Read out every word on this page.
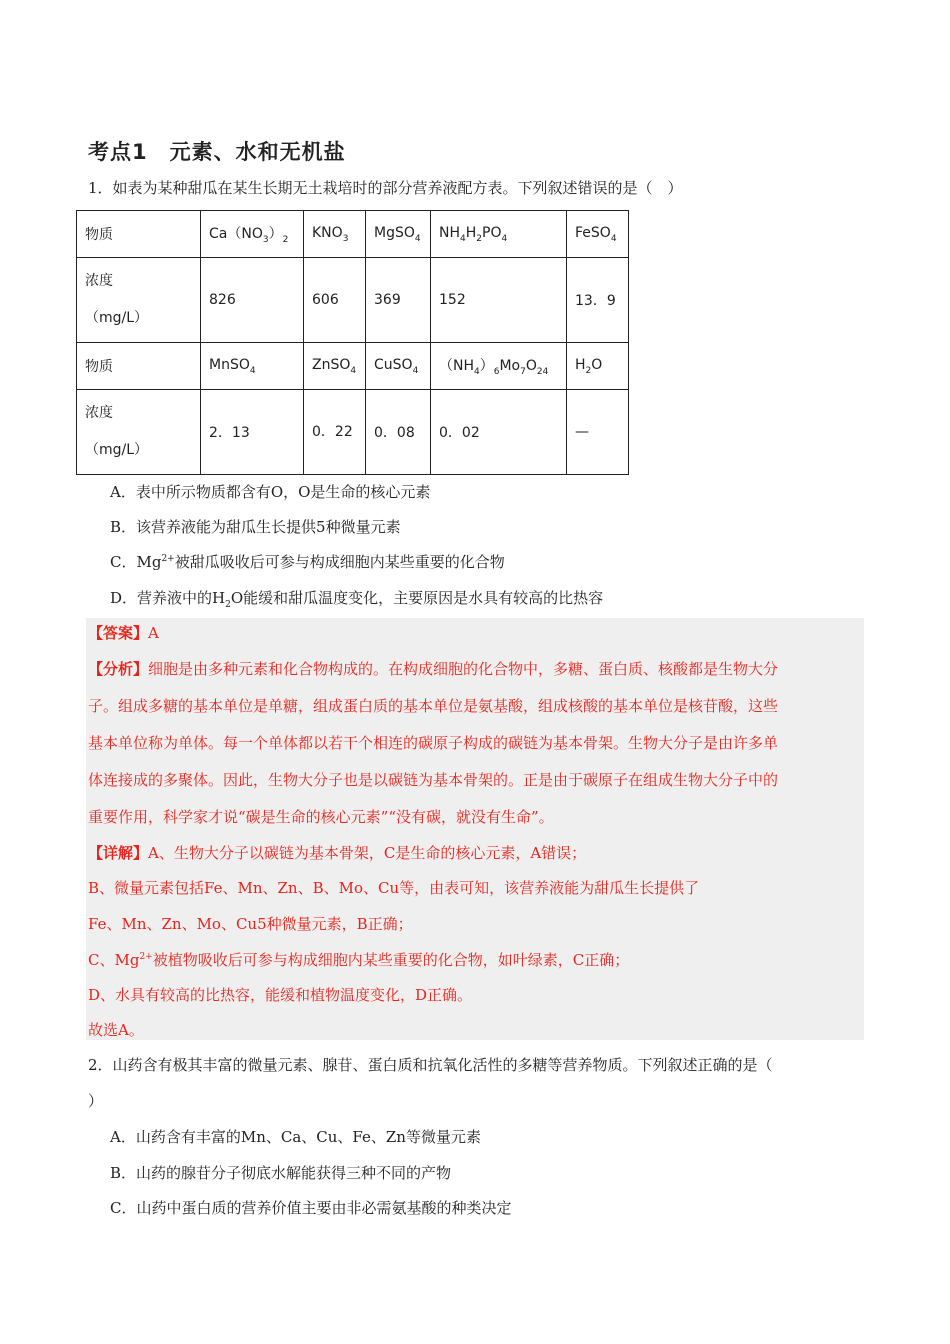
考点1　元素、水和无机盐
1．如表为某种甜瓜在某生长期无土栽培时的部分营养液配方表。下列叙述错误的是（　）
物质	$Ca(NO_3)_2$	$KNO_3$	MgSO$_4$	$NH_4H_2PO_4$	FeSO$_4$
浓度
（mg/L）	826	606	369	152	13．9
物质	MnSO$_4$	ZnSO$_4$	CuSO$_4$	$(NH_4)_6Mo_7O_{24}$	$H_2O$
浓度
（mg/L）	2．13	0．22	0．08	0．02	—
A．表中所示物质都含有O，O是生命的核心元素
B．该营养液能为甜瓜生长提供5种微量元素
C．$Mg^{2+}$被甜瓜吸收后可参与构成细胞内某些重要的化合物
D．营养液中的$H_2O$能缓和甜瓜温度变化，主要原因是水具有较高的比热容
【答案】A
【分析】细胞是由多种元素和化合物构成的。在构成细胞的化合物中，多糖、蛋白质、核酸都是生物大分
子。组成多糖的基本单位是单糖，组成蛋白质的基本单位是氨基酸，组成核酸的基本单位是核苷酸，这些
基本单位称为单体。每一个单体都以若干个相连的碳原子构成的碳链为基本骨架。生物大分子是由许多单
体连接成的多聚体。因此，生物大分子也是以碳链为基本骨架的。正是由于碳原子在组成生物大分子中的
重要作用，科学家才说“碳是生命的核心元素”“没有碳，就没有生命”。
【详解】A、生物大分子以碳链为基本骨架，C是生命的核心元素，A错误；
B、微量元素包括Fe、Mn、Zn、B、Mo、Cu等，由表可知，该营养液能为甜瓜生长提供了
Fe、Mn、Zn、Mo、Cu5种微量元素，B正确；
C、$Mg^{2+}$被植物吸收后可参与构成细胞内某些重要的化合物，如叶绿素，C正确；
D、水具有较高的比热容，能缓和植物温度变化，D正确。
故选A。
2．山药含有极其丰富的微量元素、腺苷、蛋白质和抗氧化活性的多糖等营养物质。下列叙述正确的是（
）
A．山药含有丰富的Mn、Ca、Cu、Fe、Zn等微量元素
B．山药的腺苷分子彻底水解能获得三种不同的产物
C．山药中蛋白质的营养价值主要由非必需氨基酸的种类决定
